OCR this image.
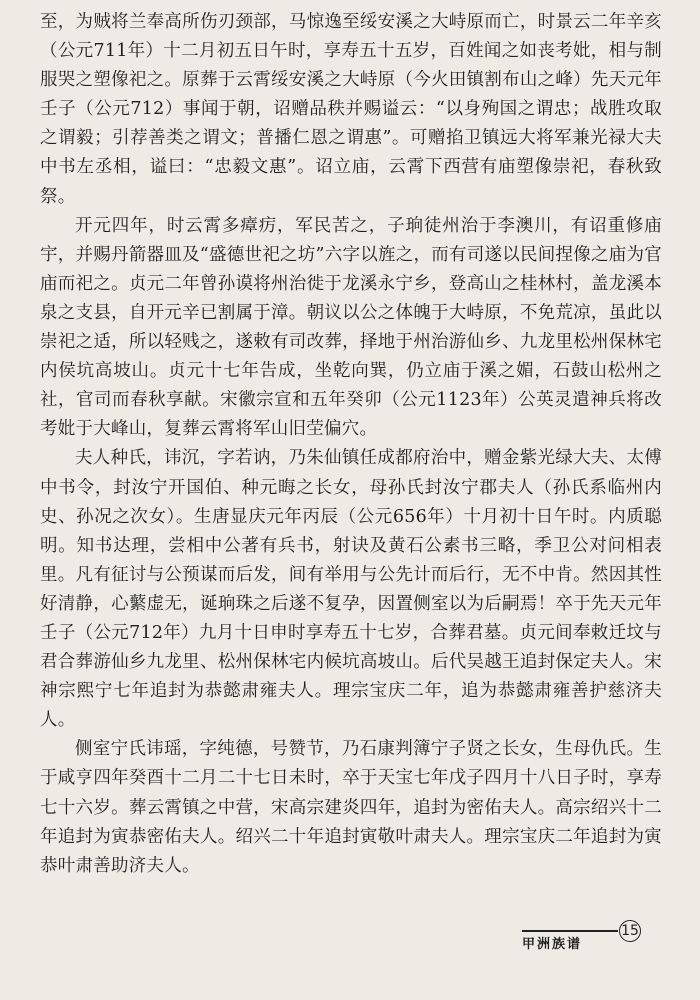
至，为贼将兰奉高所伤刃颈部，马惊逸至绥安溪之大峙原而亡，时景云二年辛亥（公元711年）十二月初五日午时，享寿五十五岁，百姓闻之如丧考妣，相与制服哭之塑像祀之。原葬于云霄绥安溪之大峙原（今火田镇割布山之峰）先天元年壬子（公元712）事闻于朝，诏赠品秩并赐谥云：“以身殉国之谓忠；战胜攻取之谓毅；引荐善类之谓文；普播仁恩之谓惠”。可赠掐卫镇远大将军兼光禄大夫中书左丞相，谥曰：“忠毅文惠”。诏立庙，云霄下西营有庙塑像崇祀，春秋致祭。

开元四年，时云霄多瘴疠，军民苦之，子珦徒州治于李澳川，有诏重修庙宇，并赐丹箭器皿及“盛德世祀之坊”六字以旌之，而有司遂以民间捏像之庙为官庙而祀之。贞元二年曾孙谟将州治徙于龙溪永宁乡，登高山之桂林村，盖龙溪本泉之支县，自开元辛已割属于漳。朝议以公之体魄于大峙原，不免荒凉，虽此以崇祀之适，所以轻贱之，遂敕有司改葬，择地于州治游仙乡、九龙里松州保林宅内侯坑高坡山。贞元十七年告成，坐乾向巽，仍立庙于溪之媚，石鼓山松州之社，官司而春秋享献。宋徽宗宣和五年癸卯（公元1123年）公英灵遣神兵将改考妣于大峰山，复葬云霄将军山旧茔偏穴。

夫人种氏，讳沉，字若讷，乃朱仙镇任成都府治中，赠金紫光绿大夫、太傅中书令，封汝宁开国伯、种元晦之长女，母孙氏封汝宁郡夫人（孙氏系临州内史、孙况之次女）。生唐显庆元年丙辰（公元656年）十月初十日午时。内质聪明。知书达理，尝相中公著有兵书，射诀及黄石公素书三略，季卫公对问相表里。凡有征讨与公预谋而后发，间有举用与公先计而后行，无不中肯。然因其性好清静，心蘩虚无，诞珦珠之后遂不复孕，因置侧室以为后嗣焉！卒于先天元年壬子（公元712年）九月十日申时享寿五十七岁，合葬君墓。贞元间奉敕迁坟与君合葬游仙乡九龙里、松州保林宅内候坑高坡山。后代吴越王追封保定夫人。宋神宗熙宁七年追封为恭懿肃雍夫人。理宗宝庆二年，追为恭懿肃雍善护慈济夫人。

侧室宁氏讳瑶，字纯德，号赞节，乃石康判簿宁子贤之长女，生母仇氏。生于咸亨四年癸酉十二月二十七日未时，卒于天宝七年戊子四月十八日子时，享寿七十六岁。葬云霄镇之中营，宋高宗建炎四年，追封为密佑夫人。高宗绍兴十二年追封为寅恭密佑夫人。绍兴二十年追封寅敬叶肃夫人。理宗宝庆二年追封为寅恭叶肃善助济夫人。

甲洲族谱
15
